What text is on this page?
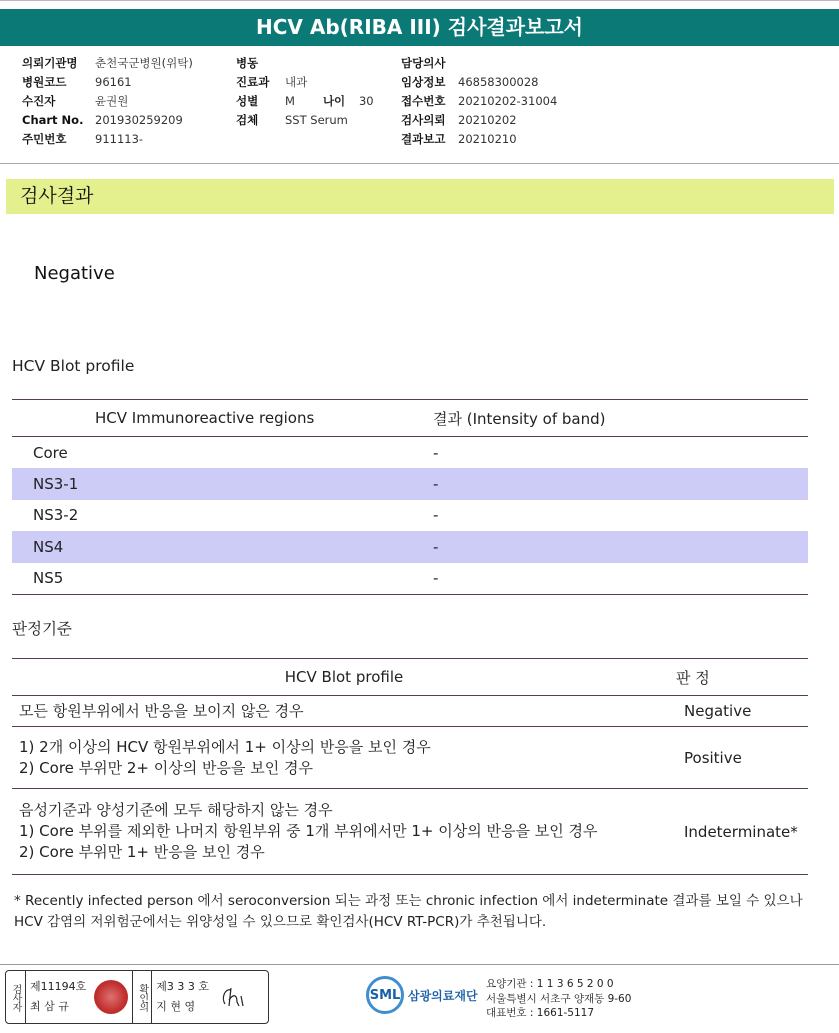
HCV Ab(RIBA III) 검사결과보고서
의뢰기관명	춘천국군병원(위탁)
병원코드	96161
수진자	윤권원
Chart No.	201930259209
주민번호	911113-
병동
진료과	내과
성별	M 나이	30
검체	SST Serum
담당의사
임상정보	46858300028
접수번호	20210202-31004
검사의뢰	20210202
결과보고	20210210
검사결과
Negative
HCV Blot profile
HCV Immunoreactive regions	결과 (Intensity of band)
Core	-
NS3-1	-
NS3-2	-
NS4	-
NS5	-
판정기준
HCV Blot profile	판 정

모든 항원부위에서 반응을 보이지 않은 경우	Negative

1) 2개 이상의 HCV 항원부위에서 1+ 이상의 반응을 보인 경우
2) Core 부위만 2+ 이상의 반응을 보인 경우	Positive

음성기준과 양성기준에 모두 해당하지 않는 경우
1) Core 부위를 제외한 나머지 항원부위 중 1개 부위에서만 1+ 이상의 반응을 보인 경우
2) Core 부위만 1+ 반응을 보인 경우	Indeterminate*
* Recently infected person 에서 seroconversion 되는 과정 또는 chronic infection 에서 indeterminate 결과를 보일 수 있으나 HCV 감염의 저위험군에서는 위양성일 수 있으므로 확인검사(HCV RT-PCR)가 추천됩니다.
검사자 제11194호
최 삼 규	확인의 제3 3 3 호
지 현 영
SML 삼광의료재단
요양기관 : 1 1 3 6 5 2 0 0
서울특별시 서초구 양재동 9-60
대표번호 : 1661-5117
